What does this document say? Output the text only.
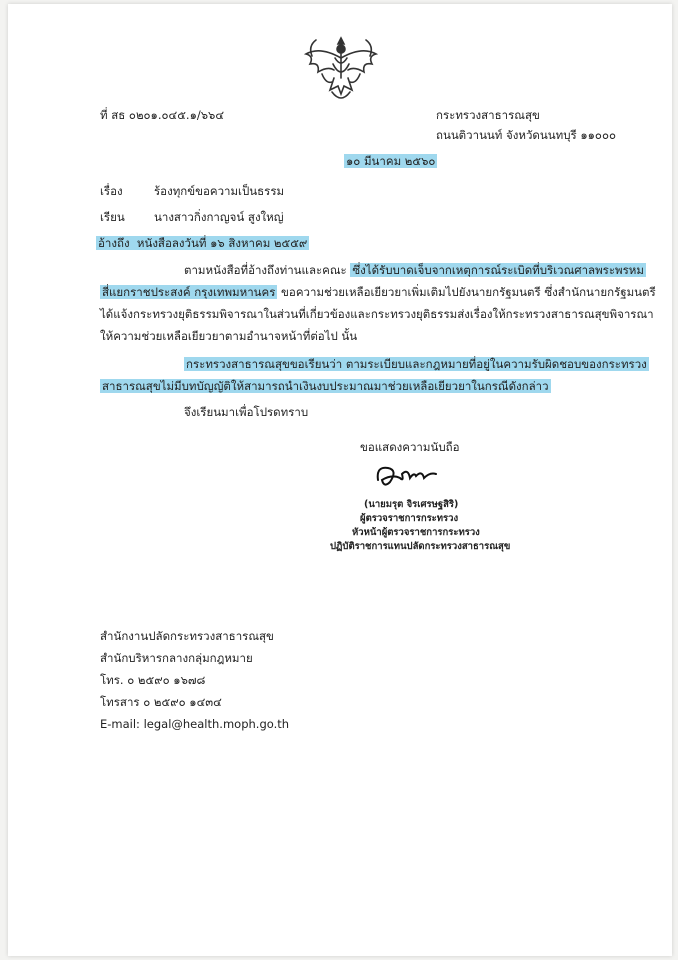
ที่ สธ ๐๒๐๑.๐๔๕.๑/๖๖๔	กระทรวงสาธารณสุข
ถนนติวานนท์ จังหวัดนนทบุรี ๑๑๐๐๐
๑๐ มีนาคม ๒๕๖๐
เรื่อง	ร้องทุกข์ขอความเป็นธรรม
เรียน	นางสาวกิ่งกาญจน์ สูงใหญ่
อ้างถึง หนังสือลงวันที่ ๑๖ สิงหาคม ๒๕๕๙
ตามหนังสือที่อ้างถึงท่านและคณะ ซึ่งได้รับบาดเจ็บจากเหตุการณ์ระเบิดที่บริเวณศาลพระพรหม
สี่แยกราชประสงค์ กรุงเทพมหานคร ขอความช่วยเหลือเยียวยาเพิ่มเติมไปยังนายกรัฐมนตรี ซึ่งสำนักนายกรัฐมนตรี
ได้แจ้งกระทรวงยุติธรรมพิจารณาในส่วนที่เกี่ยวข้องและกระทรวงยุติธรรมส่งเรื่องให้กระทรวงสาธารณสุขพิจารณา
ให้ความช่วยเหลือเยียวยาตามอำนาจหน้าที่ต่อไป นั้น
กระทรวงสาธารณสุขขอเรียนว่า ตามระเบียบและกฎหมายที่อยู่ในความรับผิดชอบของกระทรวง
สาธารณสุขไม่มีบทบัญญัติให้สามารถนำเงินงบประมาณมาช่วยเหลือเยียวยาในกรณีดังกล่าว
จึงเรียนมาเพื่อโปรดทราบ
ขอแสดงความนับถือ
(นายมรุต จิรเศรษฐสิริ)
ผู้ตรวจราชการกระทรวง
หัวหน้าผู้ตรวจราชการกระทรวง
ปฏิบัติราชการแทนปลัดกระทรวงสาธารณสุข
สำนักงานปลัดกระทรวงสาธารณสุข
สำนักบริหารกลางกลุ่มกฎหมาย
โทร. ๐ ๒๕๙๐ ๑๖๗๘
โทรสาร ๐ ๒๕๙๐ ๑๔๓๔
E-mail: legal@health.moph.go.th
